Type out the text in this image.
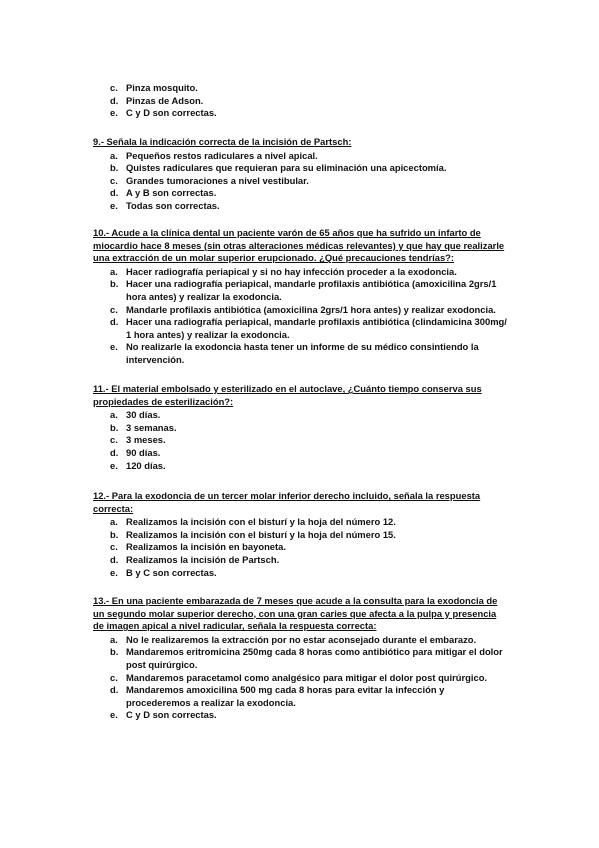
c. Pinza mosquito.
d. Pinzas de Adson.
e. C y D son correctas.

9.- Señala la indicación correcta de la incisión de Partsch:

a. Pequeños restos radiculares a nivel apical.
b. Quistes radiculares que requieran para su eliminación una apicectomía.
c. Grandes tumoraciones a nivel vestibular.
d. A y B son correctas.
e. Todas son correctas.

10.- Acude a la clínica dental un paciente varón de 65 años que ha sufrido un infarto de miocardio hace 8 meses (sin otras alteraciones médicas relevantes) y que hay que realizarle una extracción de un molar superior erupcionado. ¿Qué precauciones tendrías?:

a. Hacer radiografía periapical y si no hay infección proceder a la exodoncia.
b. Hacer una radiografía periapical, mandarle profilaxis antibiótica (amoxicilina 2grs/1 hora antes) y realizar la exodoncia.
c. Mandarle profilaxis antibiótica (amoxicilina 2grs/1 hora antes) y realizar exodoncia.
d. Hacer una radiografía periapical, mandarle profilaxis antibiótica (clindamicina 300mg/ 1 hora antes) y realizar la exodoncia.
e. No realizarle la exodoncia hasta tener un informe de su médico consintiendo la intervención.

11.- El material embolsado y esterilizado en el autoclave, ¿Cuánto tiempo conserva sus propiedades de esterilización?:

a. 30 días.
b. 3 semanas.
c. 3 meses.
d. 90 días.
e. 120 días.

12.- Para la exodoncia de un tercer molar inferior derecho incluido, señala la respuesta correcta:

a. Realizamos la incisión con el bisturí y la hoja del número 12.
b. Realizamos la incisión con el bisturí y la hoja del número 15.
c. Realizamos la incisión en bayoneta.
d. Realizamos la incisión de Partsch.
e. B y C son correctas.

13.- En una paciente embarazada de 7 meses que acude a la consulta para la exodoncia de un segundo molar superior derecho, con una gran caries que afecta a la pulpa y presencia de imagen apical a nivel radicular, señala la respuesta correcta:

a. No le realizaremos la extracción por no estar aconsejado durante el embarazo.
b. Mandaremos eritromicina 250mg cada 8 horas como antibiótico para mitigar el dolor post quirúrgico.
c. Mandaremos paracetamol como analgésico para mitigar el dolor post quirúrgico.
d. Mandaremos amoxicilina 500 mg cada 8 horas para evitar la infección y procederemos a realizar la exodoncia.
e. C y D son correctas.
